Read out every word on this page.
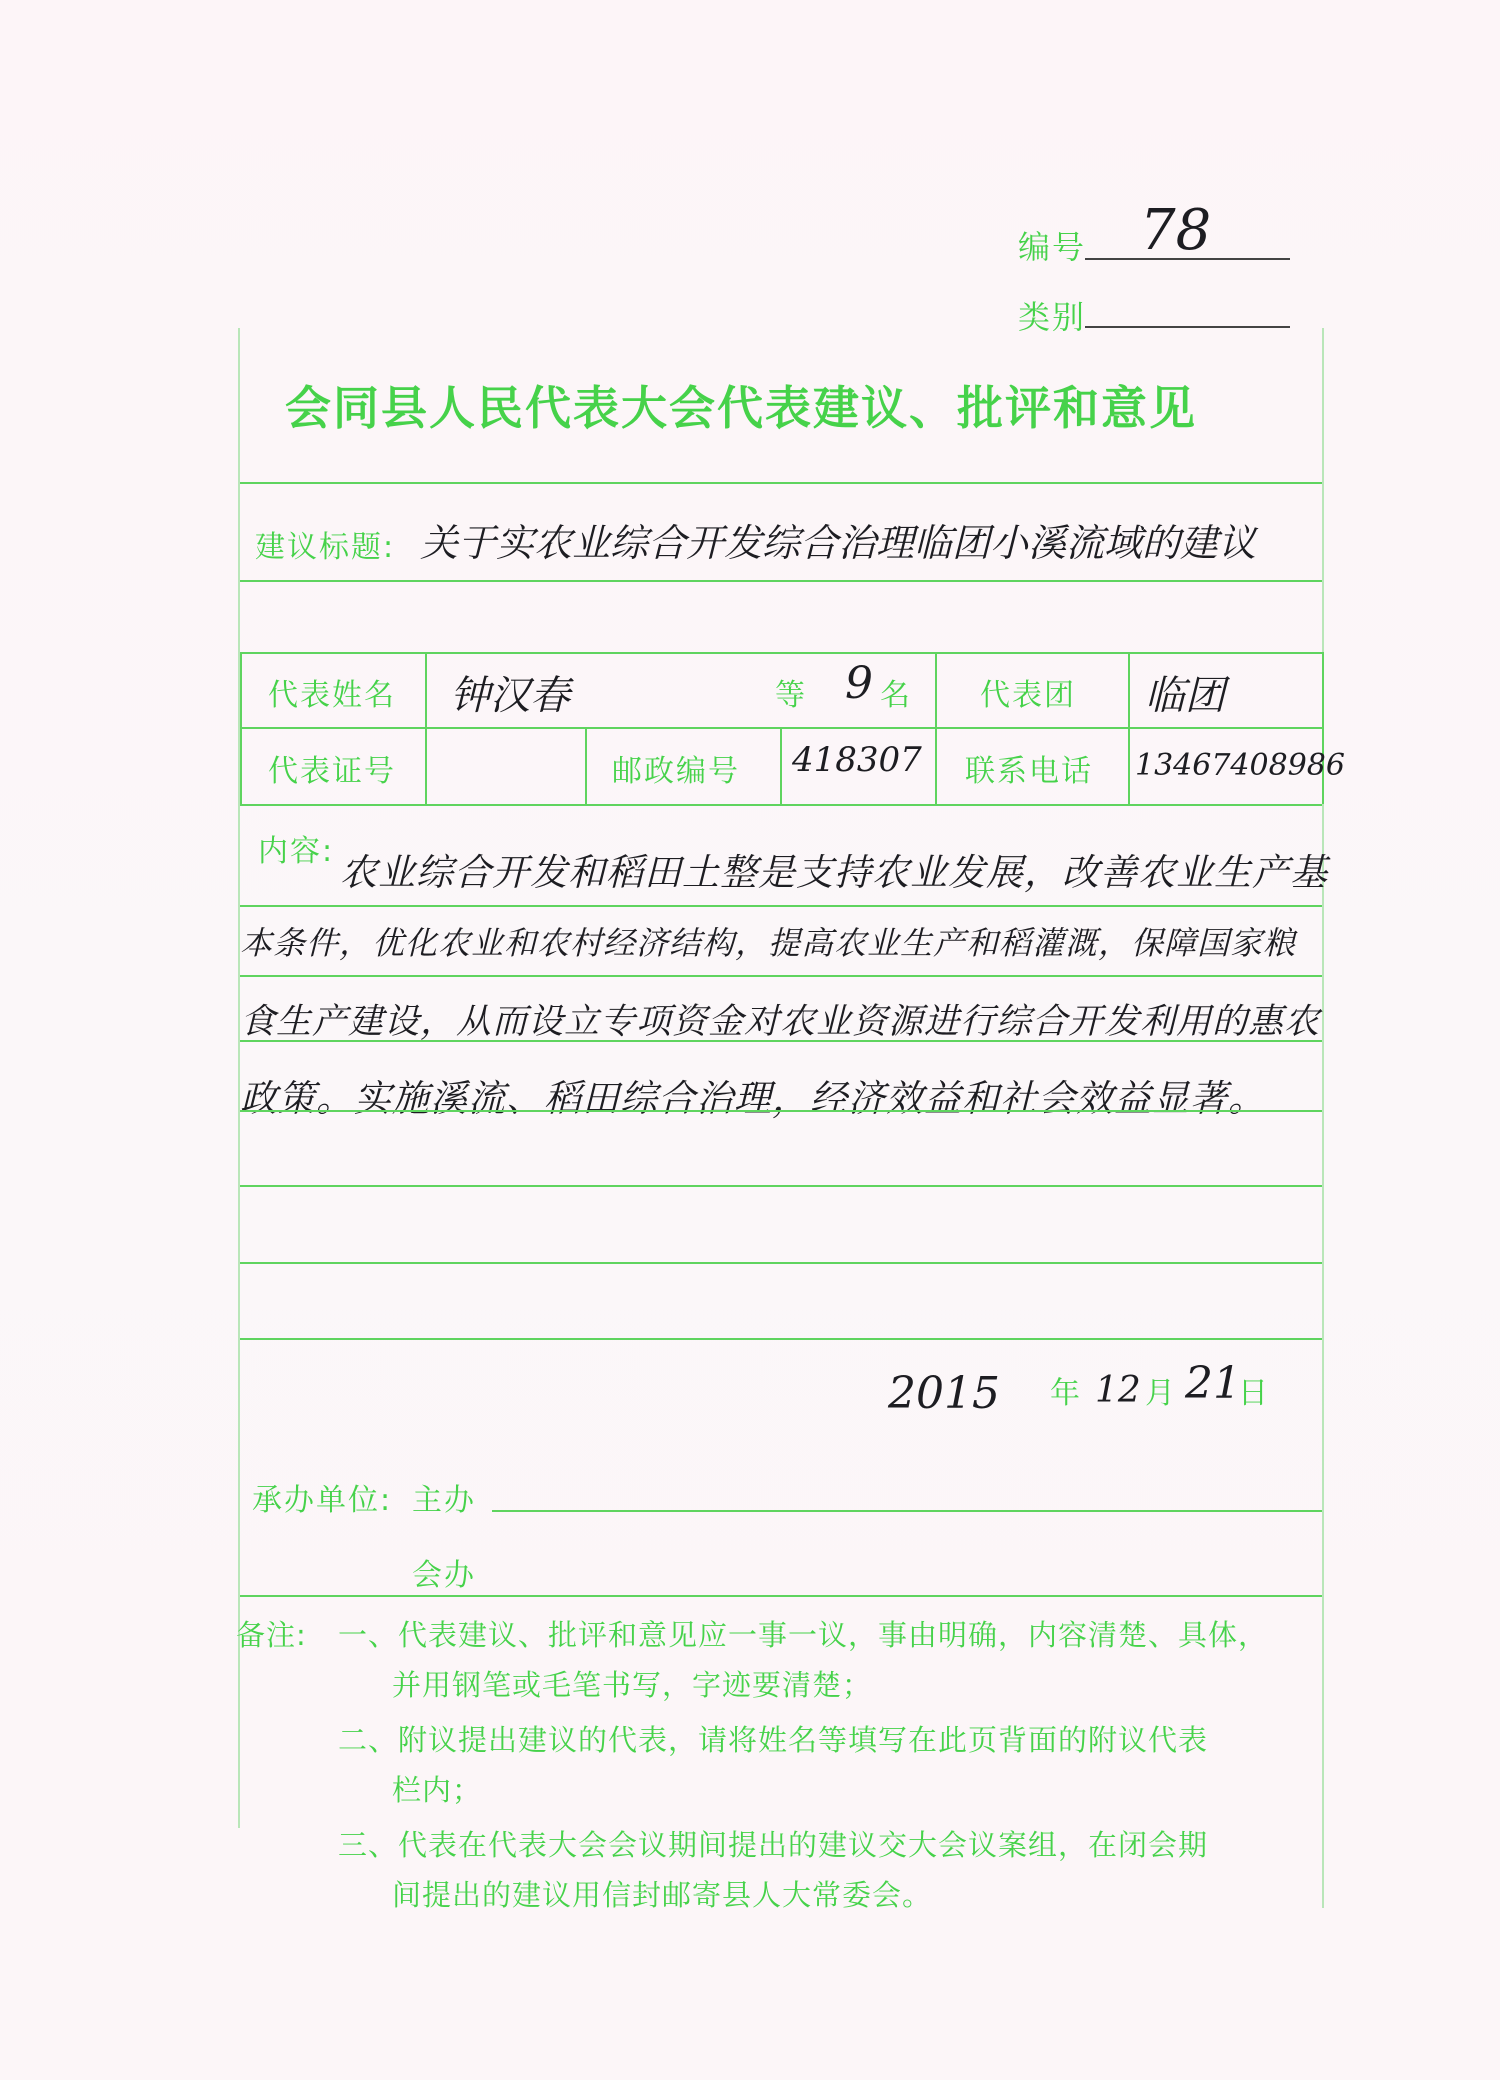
编号 78
类别
会同县人民代表大会代表建议、批评和意见
建议标题: 关于实农业综合开发综合治理临团小溪流域的建议
代表姓名 钟汉春	等 9 名 代表团 临团
代表证号	邮政编号 418307 联系电话 13467408986
内容: 农业综合开发和稻田土整是支持农业发展，改善农业生产基
本条件，优化农业和农村经济结构，提高农业生产和稻灌溉，保障国家粮
食生产建设，从而设立专项资金对农业资源进行综合开发利用的惠农
政策。实施溪流、稻田综合治理，经济效益和社会效益显著。
2015 年 12 月 21
日
承办单位: 主办
会办
备注: 一、代表建议、批评和意见应一事一议，事由明确，内容清楚、具体，
并用钢笔或毛笔书写，字迹要清楚；
二、附议提出建议的代表，请将姓名等填写在此页背面的附议代表
栏内；
三、代表在代表大会会议期间提出的建议交大会议案组，在闭会期
间提出的建议用信封邮寄县人大常委会。
